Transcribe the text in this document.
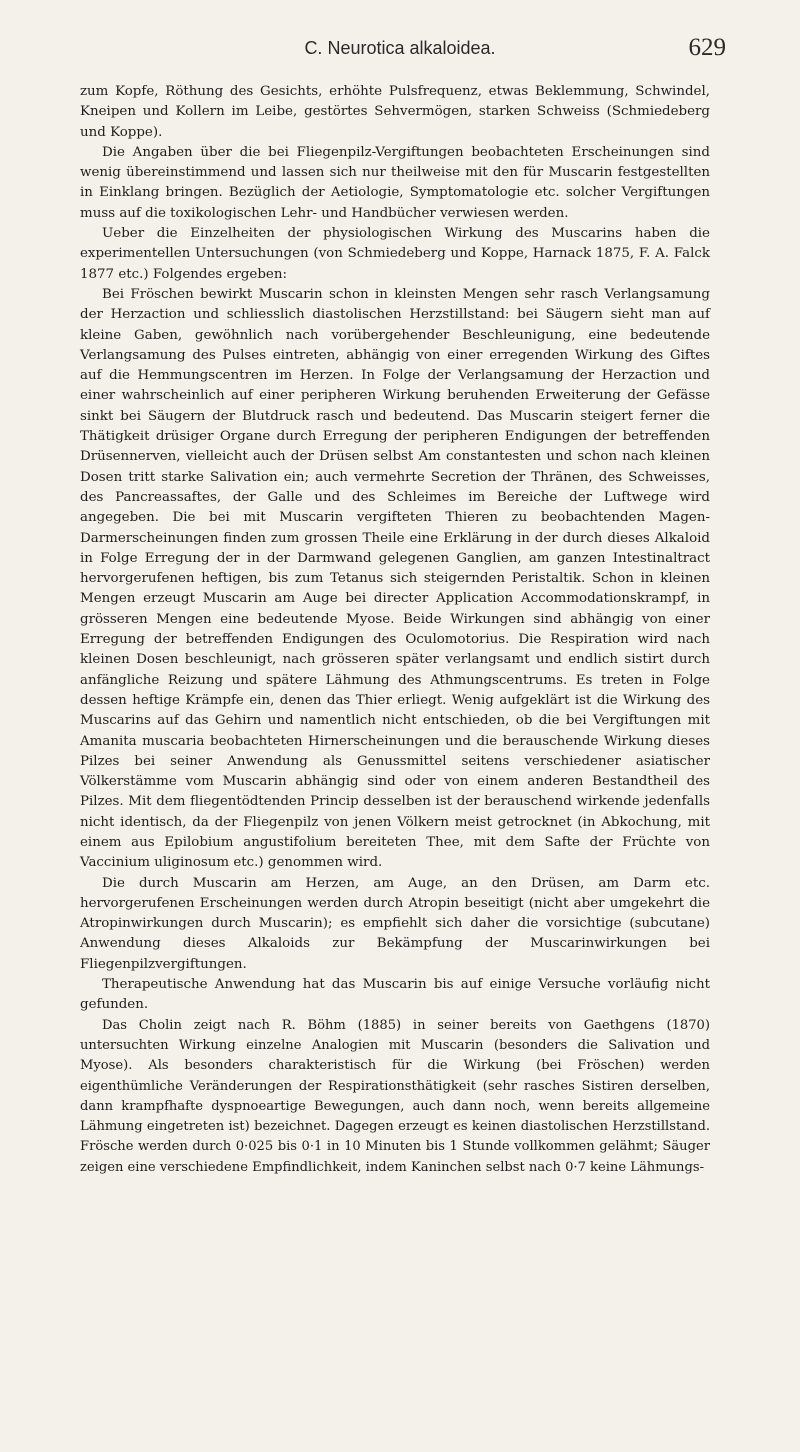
C. Neurotica alkaloidea.	629

zum Kopfe, Röthung des Gesichts, erhöhte Pulsfrequenz, etwas Beklemmung, Schwindel, Kneipen und Kollern im Leibe, gestörtes Sehvermögen, starken Schweiss (Schmiedeberg und Koppe).

Die Angaben über die bei Fliegenpilz-Vergiftungen beobachteten Erscheinungen sind wenig übereinstimmend und lassen sich nur theilweise mit den für Muscarin festgestellten in Einklang bringen. Bezüglich der Aetiologie, Symptomatologie etc. solcher Vergiftungen muss auf die toxikologischen Lehr- und Handbücher verwiesen werden.

Ueber die Einzelheiten der physiologischen Wirkung des Muscarins haben die experimentellen Untersuchungen (von Schmiedeberg und Koppe, Harnack 1875, F. A. Falck 1877 etc.) Folgendes ergeben:

Bei Fröschen bewirkt Muscarin schon in kleinsten Mengen sehr rasch Verlangsamung der Herzaction und schliesslich diastolischen Herzstillstand: bei Säugern sieht man auf kleine Gaben, gewöhnlich nach vorübergehender Beschleunigung, eine bedeutende Verlangsamung des Pulses eintreten, abhängig von einer erregenden Wirkung des Giftes auf die Hemmungscentren im Herzen. In Folge der Verlangsamung der Herzaction und einer wahrscheinlich auf einer peripheren Wirkung beruhenden Erweiterung der Gefässe sinkt bei Säugern der Blutdruck rasch und bedeutend. Das Muscarin steigert ferner die Thätigkeit drüsiger Organe durch Erregung der peripheren Endigungen der betreffenden Drüsennerven, vielleicht auch der Drüsen selbst Am constantesten und schon nach kleinen Dosen tritt starke Salivation ein; auch vermehrte Secretion der Thränen, des Schweisses, des Pancreassaftes, der Galle und des Schleimes im Bereiche der Luftwege wird angegeben. Die bei mit Muscarin vergifteten Thieren zu beobachtenden Magen-Darmerscheinungen finden zum grossen Theile eine Erklärung in der durch dieses Alkaloid in Folge Erregung der in der Darmwand gelegenen Ganglien, am ganzen Intestinaltract hervorgerufenen heftigen, bis zum Tetanus sich steigernden Peristaltik. Schon in kleinen Mengen erzeugt Muscarin am Auge bei directer Application Accommodationskrampf, in grösseren Mengen eine bedeutende Myose. Beide Wirkungen sind abhängig von einer Erregung der betreffenden Endigungen des Oculomotorius. Die Respiration wird nach kleinen Dosen beschleunigt, nach grösseren später verlangsamt und endlich sistirt durch anfängliche Reizung und spätere Lähmung des Athmungscentrums. Es treten in Folge dessen heftige Krämpfe ein, denen das Thier erliegt. Wenig aufgeklärt ist die Wirkung des Muscarins auf das Gehirn und namentlich nicht entschieden, ob die bei Vergiftungen mit Amanita muscaria beobachteten Hirnerscheinungen und die berauschende Wirkung dieses Pilzes bei seiner Anwendung als Genussmittel seitens verschiedener asiatischer Völkerstämme vom Muscarin abhängig sind oder von einem anderen Bestandtheil des Pilzes. Mit dem fliegentödtenden Princip desselben ist der berauschend wirkende jedenfalls nicht identisch, da der Fliegenpilz von jenen Völkern meist getrocknet (in Abkochung, mit einem aus Epilobium angustifolium bereiteten Thee, mit dem Safte der Früchte von Vaccinium uliginosum etc.) genommen wird.

Die durch Muscarin am Herzen, am Auge, an den Drüsen, am Darm etc. hervorgerufenen Erscheinungen werden durch Atropin beseitigt (nicht aber umgekehrt die Atropinwirkungen durch Muscarin); es empfiehlt sich daher die vorsichtige (subcutane) Anwendung dieses Alkaloids zur Bekämpfung der Muscarinwirkungen bei Fliegenpilzvergiftungen.

Therapeutische Anwendung hat das Muscarin bis auf einige Versuche vorläufig nicht gefunden.

Das Cholin zeigt nach R. Böhm (1885) in seiner bereits von Gaethgens (1870) untersuchten Wirkung einzelne Analogien mit Muscarin (besonders die Salivation und Myose). Als besonders charakteristisch für die Wirkung (bei Fröschen) werden eigenthümliche Veränderungen der Respirationsthätigkeit (sehr rasches Sistiren derselben, dann krampfhafte dyspnoeartige Bewegungen, auch dann noch, wenn bereits allgemeine Lähmung eingetreten ist) bezeichnet. Dagegen erzeugt es keinen diastolischen Herzstillstand. Frösche werden durch 0·025 bis 0·1 in 10 Minuten bis 1 Stunde vollkommen gelähmt; Säuger zeigen eine verschiedene Empfindlichkeit, indem Kaninchen selbst nach 0·7 keine Lähmungs-
